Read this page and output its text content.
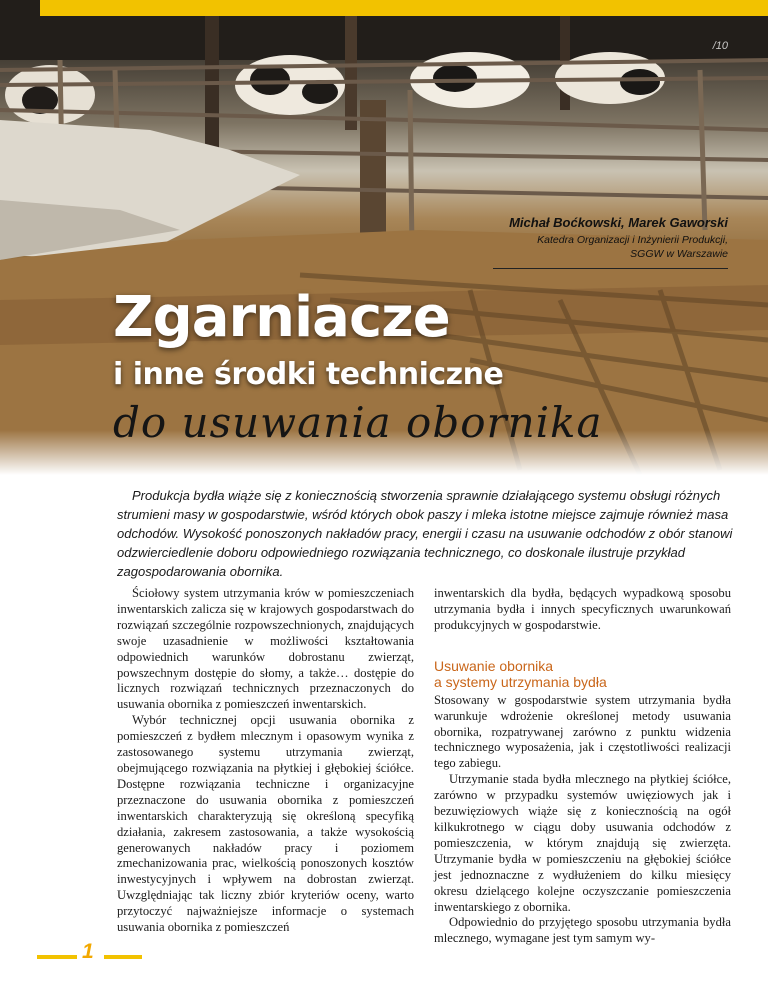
/10
Michał Boćkowski, Marek Gaworski
Katedra Organizacji i Inżynierii Produkcji,
SGGW w Warszawie
Zgarniacze
i inne środki techniczne
do usuwania obornika

Produkcja bydła wiąże się z koniecznością stworzenia sprawnie działającego systemu obsługi różnych strumieni masy w gospodarstwie, wśród których obok paszy i mleka istotne miejsce zajmuje również masa odchodów. Wysokość ponoszonych nakładów pracy, energii i czasu na usuwanie odchodów z obór stanowi odzwierciedlenie doboru odpowiedniego rozwiązania technicznego, co doskonale ilustruje przykład zagospodarowania obornika.

Ściołowy system utrzymania krów w pomieszczeniach inwentarskich zalicza się w krajowych gospodarstwach do rozwiązań szczególnie rozpowszechnionych, znajdujących swoje uzasadnienie w możliwości kształtowania odpowiednich warunków dobrostanu zwierząt, powszechnym dostępie do słomy, a także… dostępie do licznych rozwiązań technicznych przeznaczonych do usuwania obornika z pomieszczeń inwentarskich.

Wybór technicznej opcji usuwania obornika z pomieszczeń z bydłem mlecznym i opasowym wynika z zastosowanego systemu utrzymania zwierząt, obejmującego rozwiązania na płytkiej i głębokiej ściółce. Dostępne rozwiązania techniczne i organizacyjne przeznaczone do usuwania obornika z pomieszczeń inwentarskich charakteryzują się określoną specyfiką działania, zakresem zastosowania, a także wysokością generowanych nakładów pracy i poziomem zmechanizowania prac, wielkością ponoszonych kosztów inwestycyjnych i wpływem na dobrostan zwierząt. Uwzględniając tak liczny zbiór kryteriów oceny, warto przytoczyć najważniejsze informacje o systemach usuwania obornika z pomieszczeń

inwentarskich dla bydła, będących wypadkową sposobu utrzymania bydła i innych specyficznych uwarunkowań produkcyjnych w gospodarstwie.

Usuwanie obornika
a systemy utrzymania bydła

Stosowany w gospodarstwie system utrzymania bydła warunkuje wdrożenie określonej metody usuwania obornika, rozpatrywanej zarówno z punktu widzenia technicznego wyposażenia, jak i częstotliwości realizacji tego zabiegu.

Utrzymanie stada bydła mlecznego na płytkiej ściółce, zarówno w przypadku systemów uwięziowych jak i bezuwięziowych wiąże się z koniecznością na ogół kilkukrotnego w ciągu doby usuwania odchodów z pomieszczenia, w którym znajdują się zwierzęta. Utrzymanie bydła w pomieszczeniu na głębokiej ściółce jest jednoznaczne z wydłużeniem do kilku miesięcy okresu dzielącego kolejne oczyszczanie pomieszczenia inwentarskiego z obornika.

Odpowiednio do przyjętego sposobu utrzymania bydła mlecznego, wymagane jest tym samym wy-

1
